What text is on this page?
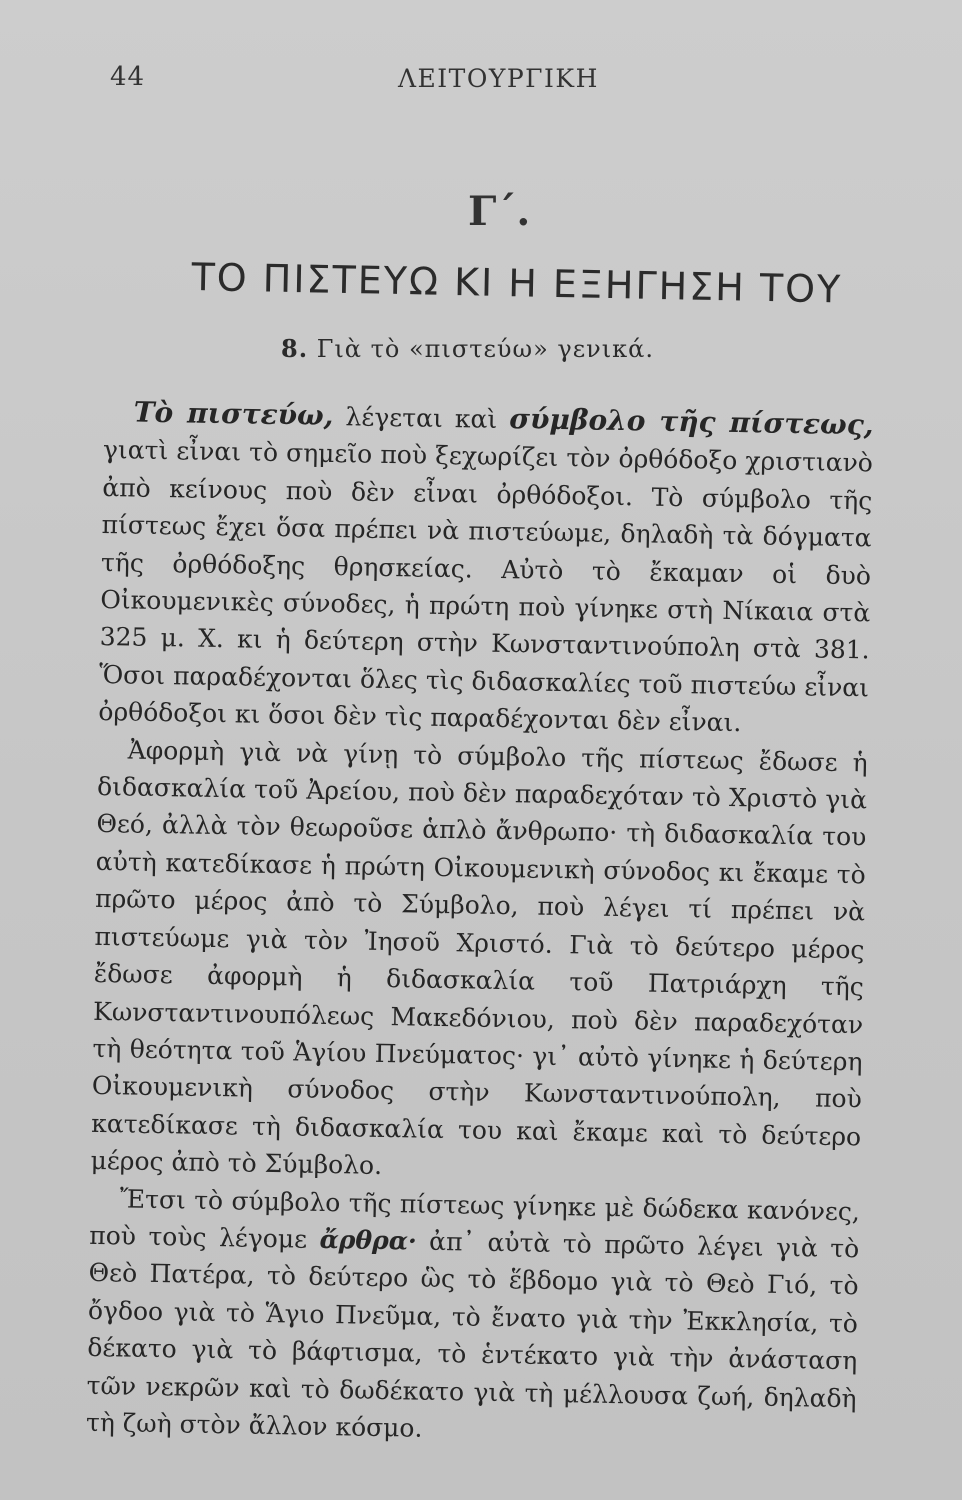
44	ΛΕΙΤΟΥΡΓΙΚΗ
Γ΄.
ΤΟ ΠΙΣΤΕΥΩ ΚΙ Η ΕΞΗΓΗΣΗ ΤΟΥ
8. Γιὰ τὸ «πιστεύω» γενικά.

Τὸ πιστεύω, λέγεται καὶ σύμβολο τῆς πίστεως, γιατὶ εἶναι τὸ σημεῖο ποὺ ξεχωρίζει τὸν ὀρθόδοξο χριστιανὸ ἀπὸ κείνους ποὺ δὲν εἶναι ὀρθόδοξοι. Τὸ σύμβολο τῆς πίστεως ἔχει ὅσα πρέπει νὰ πιστεύωμε, δηλαδὴ τὰ δόγματα τῆς ὀρθόδοξης θρησκείας. Αὐτὸ τὸ ἔκαμαν οἱ δυὸ Οἰκουμενικὲς σύνοδες, ἡ πρώτη ποὺ γίνηκε στὴ Νίκαια στὰ 325 μ. Χ. κι ἡ δεύτερη στὴν Κωνσταντινούπολη στὰ 381. Ὅσοι παραδέχονται ὅλες τὶς διδασκαλίες τοῦ πιστεύω εἶναι ὀρθόδοξοι κι ὅσοι δὲν τὶς παραδέχονται δὲν εἶναι.

Ἀφορμὴ γιὰ νὰ γίνῃ τὸ σύμβολο τῆς πίστεως ἔδωσε ἡ διδασκαλία τοῦ Ἀρείου, ποὺ δὲν παραδεχόταν τὸ Χριστὸ γιὰ Θεό, ἀλλὰ τὸν θεωροῦσε ἁπλὸ ἄνθρωπο· τὴ διδασκαλία του αὐτὴ κατεδίκασε ἡ πρώτη Οἰκουμενικὴ σύνοδος κι ἔκαμε τὸ πρῶτο μέρος ἀπὸ τὸ Σύμβολο, ποὺ λέγει τί πρέπει νὰ πιστεύωμε γιὰ τὸν Ἰησοῦ Χριστό. Γιὰ τὸ δεύτερο μέρος ἔδωσε ἀφορμὴ ἡ διδασκαλία τοῦ Πατριάρχη τῆς Κωνσταντινουπόλεως Μακεδόνιου, ποὺ δὲν παραδεχόταν τὴ θεότητα τοῦ Ἁγίου Πνεύματος· γι᾽ αὐτὸ γίνηκε ἡ δεύτερη Οἰκουμενικὴ σύνοδος στὴν Κωνσταντινούπολη, ποὺ κατεδίκασε τὴ διδασκαλία του καὶ ἔκαμε καὶ τὸ δεύτερο μέρος ἀπὸ τὸ Σύμβολο.

Ἔτσι τὸ σύμβολο τῆς πίστεως γίνηκε μὲ δώδεκα κανόνες, ποὺ τοὺς λέγομε ἄρθρα· ἀπ᾽ αὐτὰ τὸ πρῶτο λέγει γιὰ τὸ Θεὸ Πατέρα, τὸ δεύτερο ὣς τὸ ἕβδομο γιὰ τὸ Θεὸ Γιό, τὸ ὄγδοο γιὰ τὸ Ἅγιο Πνεῦμα, τὸ ἔνατο γιὰ τὴν Ἐκκλησία, τὸ δέκατο γιὰ τὸ βάφτισμα, τὸ ἑντέκατο γιὰ τὴν ἀνάσταση τῶν νεκρῶν καὶ τὸ δωδέκατο γιὰ τὴ μέλλουσα ζωή, δηλαδὴ τὴ ζωὴ στὸν ἄλλον κόσμο.
